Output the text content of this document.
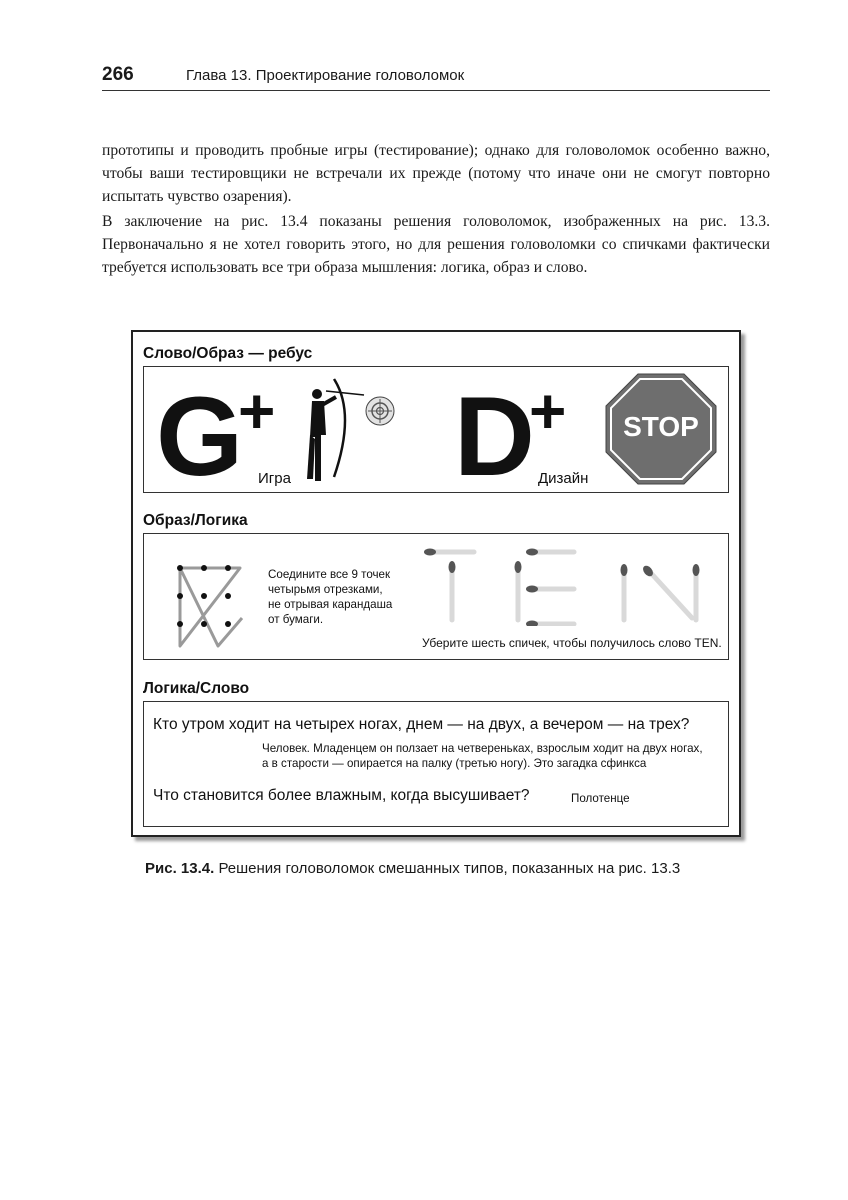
266	Глава 13. Проектирование головоломок

прототипы и проводить пробные игры (тестирование); однако для головоломок особенно важно, чтобы ваши тестировщики не встречали их прежде (потому что иначе они не смогут повторно испытать чувство озарения).

В заключение на рис. 13.4 показаны решения головоломок, изображенных на рис. 13.3. Первоначально я не хотел говорить этого, но для решения головоломки со спичками фактически требуется использовать все три образа мышления: логика, образ и слово.

Слово/Образ — ребус
G
+
Игра D
+
Дизайн
STOP
Образ/Логика
Соедините все 9 точек
четырьмя отрезками,
не отрывая карандаша
от бумаги.
Уберите шесть спичек, чтобы получилось слово TEN.
Логика/Слово
Кто утром ходит на четырех ногах, днем — на двух, а вечером — на трех?
Человек. Младенцем он ползает на четвереньках, взрослым ходит на двух ногах,
а в старости — опирается на палку (третью ногу). Это загадка сфинкса
Что становится более влажным, когда высушивает?	Полотенце
Рис. 13.4. Решения головоломок смешанных типов, показанных на рис. 13.3
